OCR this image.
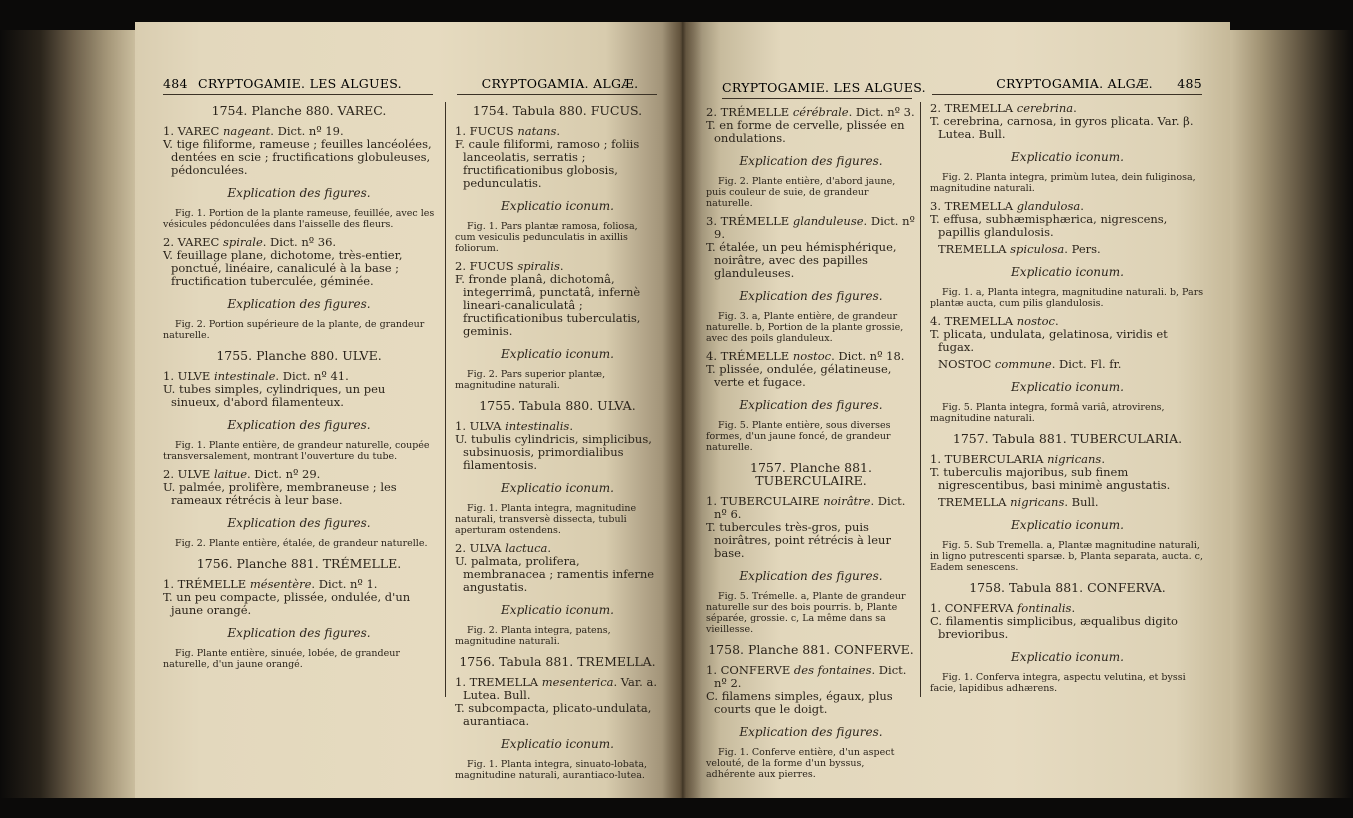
484 CRYPTOGAMIE. LES ALGUES.	CRYPTOGAMIA. ALGÆ.
1754. Planche 880. VAREC.
1. VAREC nageant. Dict. nº 19.
V. tige filiforme, rameuse ; feuilles lancéolées, dentées en scie ; fructifications globuleuses, pédonculées.
Explication des figures.
Fig. 1. Portion de la plante rameuse, feuillée, avec les vésicules pédonculées dans l'aisselle des fleurs.
2. VAREC spirale. Dict. nº 36.
V. feuillage plane, dichotome, très-entier, ponctué, linéaire, canaliculé à la base ; fructification tuberculée, géminée.
Explication des figures.
Fig. 2. Portion supérieure de la plante, de grandeur naturelle.
1755. Planche 880. ULVE.
1. ULVE intestinale. Dict. nº 41.
U. tubes simples, cylindriques, un peu sinueux, d'abord filamenteux.
Explication des figures.
Fig. 1. Plante entière, de grandeur naturelle, coupée transversalement, montrant l'ouverture du tube.
2. ULVE laitue. Dict. nº 29.
U. palmée, prolifère, membraneuse ; les rameaux rétrécis à leur base.
Explication des figures.
Fig. 2. Plante entière, étalée, de grandeur naturelle.
1756. Planche 881. TRÉMELLE.
1. TRÉMELLE mésentère. Dict. nº 1.
T. un peu compacte, plissée, ondulée, d'un jaune orangé.
Explication des figures.
Fig. Plante entière, sinuée, lobée, de grandeur naturelle, d'un jaune orangé.
1754. Tabula 880. FUCUS.
1. FUCUS natans.
F. caule filiformi, ramoso ; foliis lanceolatis, serratis ; fructificationibus globosis, pedunculatis.
Explicatio iconum.
Fig. 1. Pars plantæ ramosa, foliosa, cum vesiculis pedunculatis in axillis foliorum.
2. FUCUS spiralis.
F. fronde planâ, dichotomâ, integerrimâ, punctatâ, infernè lineari-canaliculatâ ; fructificationibus tuberculatis, geminis.
Explicatio iconum.
Fig. 2. Pars superior plantæ, magnitudine naturali.
1755. Tabula 880. ULVA.
1. ULVA intestinalis.
U. tubulis cylindricis, simplicibus, subsinuosis, primordialibus filamentosis.
Explicatio iconum.
Fig. 1. Planta integra, magnitudine naturali, transversè dissecta, tubuli aperturam ostendens.
2. ULVA lactuca.
U. palmata, prolifera, membranacea ; ramentis inferne angustatis.
Explicatio iconum.
Fig. 2. Planta integra, patens, magnitudine naturali.
1756. Tabula 881. TREMELLA.
1. TREMELLA mesenterica. Var. a. Lutea. Bull.
T. subcompacta, plicato-undulata, aurantiaca.
Explicatio iconum.
Fig. 1. Planta integra, sinuato-lobata, magnitudine naturali, aurantiaco-lutea.
CRYPTOGAMIE. LES ALGUES.	CRYPTOGAMIA. ALGÆ. 485
2. TRÉMELLE cérébrale. Dict. nº 3.
T. en forme de cervelle, plissée en ondulations.
Explication des figures.
Fig. 2. Plante entière, d'abord jaune, puis couleur de suie, de grandeur naturelle.
3. TRÉMELLE glanduleuse. Dict. nº 9.
T. étalée, un peu hémisphérique, noirâtre, avec des papilles glanduleuses.
Explication des figures.
Fig. 3. a, Plante entière, de grandeur naturelle. b, Portion de la plante grossie, avec des poils glanduleux.
4. TRÉMELLE nostoc. Dict. nº 18.
T. plissée, ondulée, gélatineuse, verte et fugace.
Explication des figures.
Fig. 5. Plante entière, sous diverses formes, d'un jaune foncé, de grandeur naturelle.
1757. Planche 881. TUBERCULAIRE.
1. TUBERCULAIRE noirâtre. Dict. nº 6.
T. tubercules très-gros, puis noirâtres, point rétrécis à leur base.
Explication des figures.
Fig. 5. Trémelle. a, Plante de grandeur naturelle sur des bois pourris. b, Plante séparée, grossie. c, La même dans sa vieillesse.
1758. Planche 881. CONFERVE.
1. CONFERVE des fontaines. Dict. nº 2.
C. filamens simples, égaux, plus courts que le doigt.
Explication des figures.
Fig. 1. Conferve entière, d'un aspect velouté, de la forme d'un byssus, adhérente aux pierres.
2. TREMELLA cerebrina.
T. cerebrina, carnosa, in gyros plicata. Var. β. Lutea. Bull.
Explicatio iconum.
Fig. 2. Planta integra, primùm lutea, dein fuliginosa, magnitudine naturali.
3. TREMELLA glandulosa.
T. effusa, subhæmisphærica, nigrescens, papillis glandulosis.
TREMELLA spiculosa. Pers.
Explicatio iconum.
Fig. 1. a, Planta integra, magnitudine naturali. b, Pars plantæ aucta, cum pilis glandulosis.
4. TREMELLA nostoc.
T. plicata, undulata, gelatinosa, viridis et fugax.
NOSTOC commune. Dict. Fl. fr.
Explicatio iconum.
Fig. 5. Planta integra, formâ variâ, atrovirens, magnitudine naturali.
1757. Tabula 881. TUBERCULARIA.
1. TUBERCULARIA nigricans.
T. tuberculis majoribus, sub finem nigrescentibus, basi minimè angustatis.
TREMELLA nigricans. Bull.
Explicatio iconum.
Fig. 5. Sub Tremella. a, Plantæ magnitudine naturali, in ligno putrescenti sparsæ. b, Planta separata, aucta. c, Eadem senescens.
1758. Tabula 881. CONFERVA.
1. CONFERVA fontinalis.
C. filamentis simplicibus, æqualibus digito brevioribus.
Explicatio iconum.
Fig. 1. Conferva integra, aspectu velutina, et byssi facie, lapidibus adhærens.
